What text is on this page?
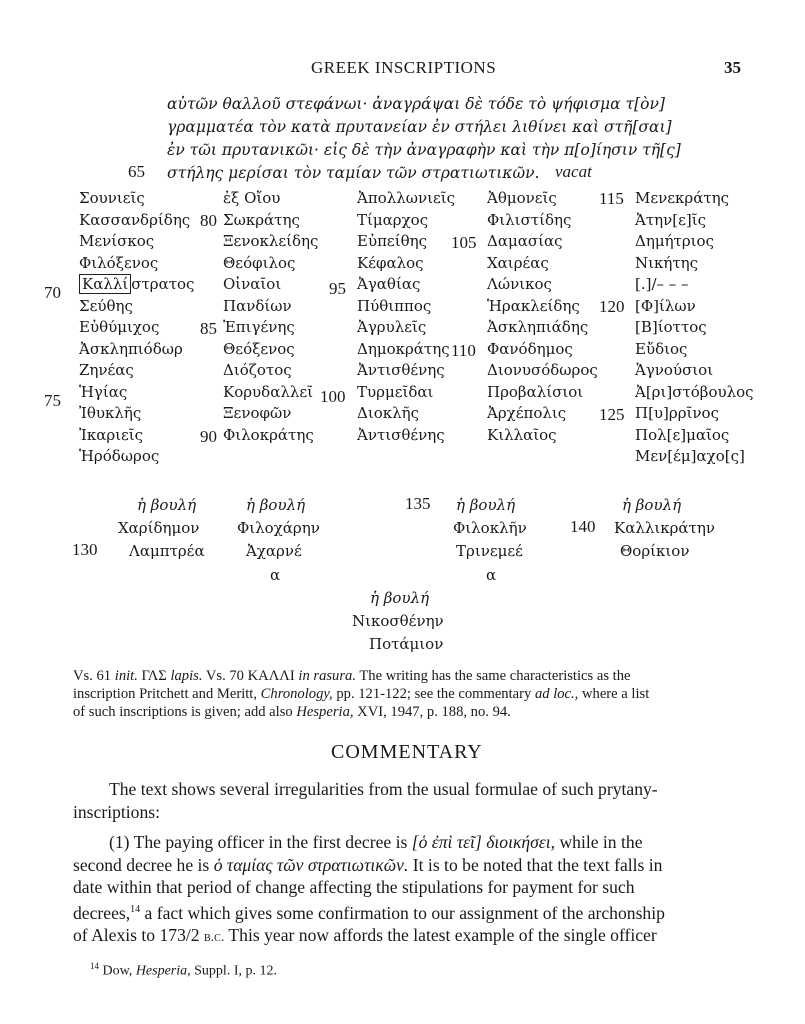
GREEK INSCRIPTIONS	35
αὐτῶν θαλλοῦ στεφάνωι· ἀναγράψαι δὲ τόδε τὸ ψήφισμα τ[ὸν]
γραμματέα τὸν κατὰ πρυτανείαν ἐν στήλει λιθίνει καὶ στῆ[σαι]
ἐν τῶι πρυτανικῶι· εἰς δὲ τὴν ἀναγραφὴν καὶ τὴν π[ο]ίησιν τῆ[ς]
65 στήλης μερίσαι τὸν ταμίαν τῶν στρατιωτικῶν. vacat
Σουνιεῖς
Κασσανδρίδης
Μενίσκος
Φιλόξενος
Καλλί στρατος
Σεύθης
Εὐθύμιχος
Ἀσκληπιόδωρ
Ζηνέας
Ἡγίας
Ἰθυκλῆς
Ἰκαριεῖς
Ἡρόδωρος
ἐξ Οἴου
Σωκράτης
Ξενοκλείδης
Θεόφιλος
Οἰναῖοι
Πανδίων
Ἐπιγένης
Θεόξενος
Διόζοτος
Κορυδαλλεῖ
Ξενοφῶν
Φιλοκράτης
Ἀπολλωνιεῖς
Τίμαρχος
Εὐπείθης
Κέφαλος
Ἀγαθίας
Πύθιππος
Ἀγρυλεῖς
Δημοκράτης
Ἀντισθένης
Τυρμεῖδαι
Διοκλῆς
Ἀντισθένης
Ἀθμονεῖς
Φιλιστίδης
Δαμασίας
Χαιρέας
Λώνικος
Ἡρακλείδης
Ἀσκληπιάδης
Φανόδημος
Διονυσόδωρος
Προβαλίσιοι
Ἀρχέπολις
Κιλλαῖος
Μενεκράτης
Ἀτην[ε]ῖς
Δημήτριος
Νικήτης
[.]/– – –
[Φ]ίλων
[Β]ίοττος
Εὔδιος
Ἁγνούσιοι
Ἀ[ρι]στόβουλος
Π[υ]ρρῖνος
Πολ[ε]μαῖος
Μεν[έμ]αχο[ς]
70
75
80
85
90
95
100
105
110
115
120
125
ἡ βουλή
Χαρίδημον
Λαμπτρέα
130
ἡ βουλή
Φιλοχάρην
Ἀχαρνέ
α
135 ἡ βουλή
Φιλοκλῆν
Τρινεμεέ
α
140
ἡ βουλή
Καλλικράτην
Θορίκιον
ἡ βουλή
Νικοσθένην
Ποτάμιον
Vs. 61 init. ΓΛΣ lapis. Vs. 70 ΚΑΛΛΙ in rasura. The writing has the same characteristics as the
inscription Pritchett and Meritt, Chronology, pp. 121-122; see the commentary ad loc., where a list
of such inscriptions is given; add also Hesperia, XVI, 1947, p. 188, no. 94.
COMMENTARY
The text shows several irregularities from the usual formulae of such prytany-
inscriptions:
(1) The paying officer in the first decree is [ὁ ἐπὶ τεῖ] διοικήσει, while in the
second decree he is ὁ ταμίας τῶν στρατιωτικῶν. It is to be noted that the text falls in
date within that period of change affecting the stipulations for payment for such
decrees,$^{14}$ a fact which gives some confirmation to our assignment of the archonship
of Alexis to 173/2 b.c. This year now affords the latest example of the single officer
$^{14}$ Dow, Hesperia, Suppl. I, p. 12.
